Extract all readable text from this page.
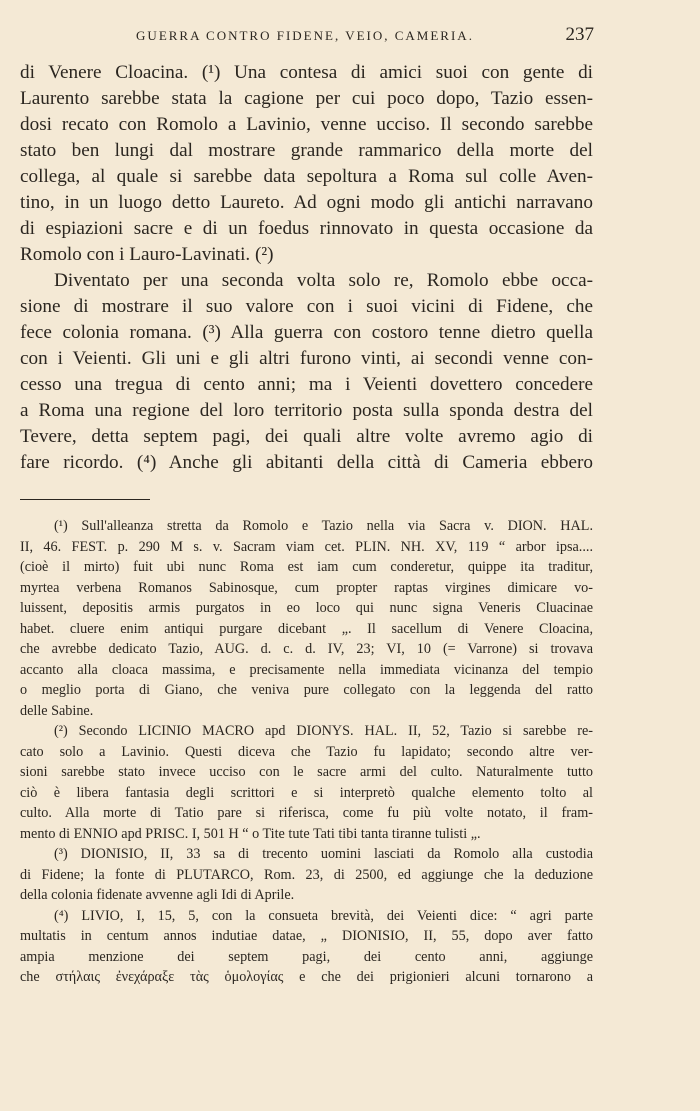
GUERRA CONTRO FIDENE, VEIO, CAMERIA.	237
di Venere Cloacina. (¹) Una contesa di amici suoi con gente di
Laurento sarebbe stata la cagione per cui poco dopo, Tazio essen-
dosi recato con Romolo a Lavinio, venne ucciso. Il secondo sarebbe
stato ben lungi dal mostrare grande rammarico della morte del
collega, al quale si sarebbe data sepoltura a Roma sul colle Aven-
tino, in un luogo detto Laureto. Ad ogni modo gli antichi narravano
di espiazioni sacre e di un foedus rinnovato in questa occasione da
Romolo con i Lauro-Lavinati. (²)
Diventato per una seconda volta solo re, Romolo ebbe occa-
sione di mostrare il suo valore con i suoi vicini di Fidene, che
fece colonia romana. (³) Alla guerra con costoro tenne dietro quella
con i Veienti. Gli uni e gli altri furono vinti, ai secondi venne con-
cesso una tregua di cento anni; ma i Veienti dovettero concedere
a Roma una regione del loro territorio posta sulla sponda destra del
Tevere, detta septem pagi, dei quali altre volte avremo agio di
fare ricordo. (⁴) Anche gli abitanti della città di Cameria ebbero
(¹) Sull'alleanza stretta da Romolo e Tazio nella via Sacra v. DION. HAL.
II, 46. FEST. p. 290 M s. v. Sacram viam cet. PLIN. NH. XV, 119 “ arbor ipsa....
(cioè il mirto) fuit ubi nunc Roma est iam cum conderetur, quippe ita traditur,
myrtea verbena Romanos Sabinosque, cum propter raptas virgines dimicare vo-
luissent, depositis armis purgatos in eo loco qui nunc signa Veneris Cluacinae
habet. cluere enim antiqui purgare dicebant „. Il sacellum di Venere Cloacina,
che avrebbe dedicato Tazio, AUG. d. c. d. IV, 23; VI, 10 (= Varrone) si trovava
accanto alla cloaca massima, e precisamente nella immediata vicinanza del tempio
o meglio porta di Giano, che veniva pure collegato con la leggenda del ratto
delle Sabine.
(²) Secondo LICINIO MACRO apd DIONYS. HAL. II, 52, Tazio si sarebbe re-
cato solo a Lavinio. Questi diceva che Tazio fu lapidato; secondo altre ver-
sioni sarebbe stato invece ucciso con le sacre armi del culto. Naturalmente tutto
ciò è libera fantasia degli scrittori e si interpretò qualche elemento tolto al
culto. Alla morte di Tatio pare si riferisca, come fu più volte notato, il fram-
mento di ENNIO apd PRISC. I, 501 H “ o Tite tute Tati tibi tanta tiranne tulisti „.
(³) DIONISIO, II, 33 sa di trecento uomini lasciati da Romolo alla custodia
di Fidene; la fonte di PLUTARCO, Rom. 23, di 2500, ed aggiunge che la deduzione
della colonia fidenate avvenne agli Idi di Aprile.
(⁴) LIVIO, I, 15, 5, con la consueta brevità, dei Veienti dice: “ agri parte
multatis in centum annos indutiae datae, „ DIONISIO, II, 55, dopo aver fatto
ampia menzione dei septem pagi, dei cento anni, aggiunge
che στήλαις ἐνεχάραξε τὰς ὁμολογίας e che dei prigionieri alcuni tornarono a
